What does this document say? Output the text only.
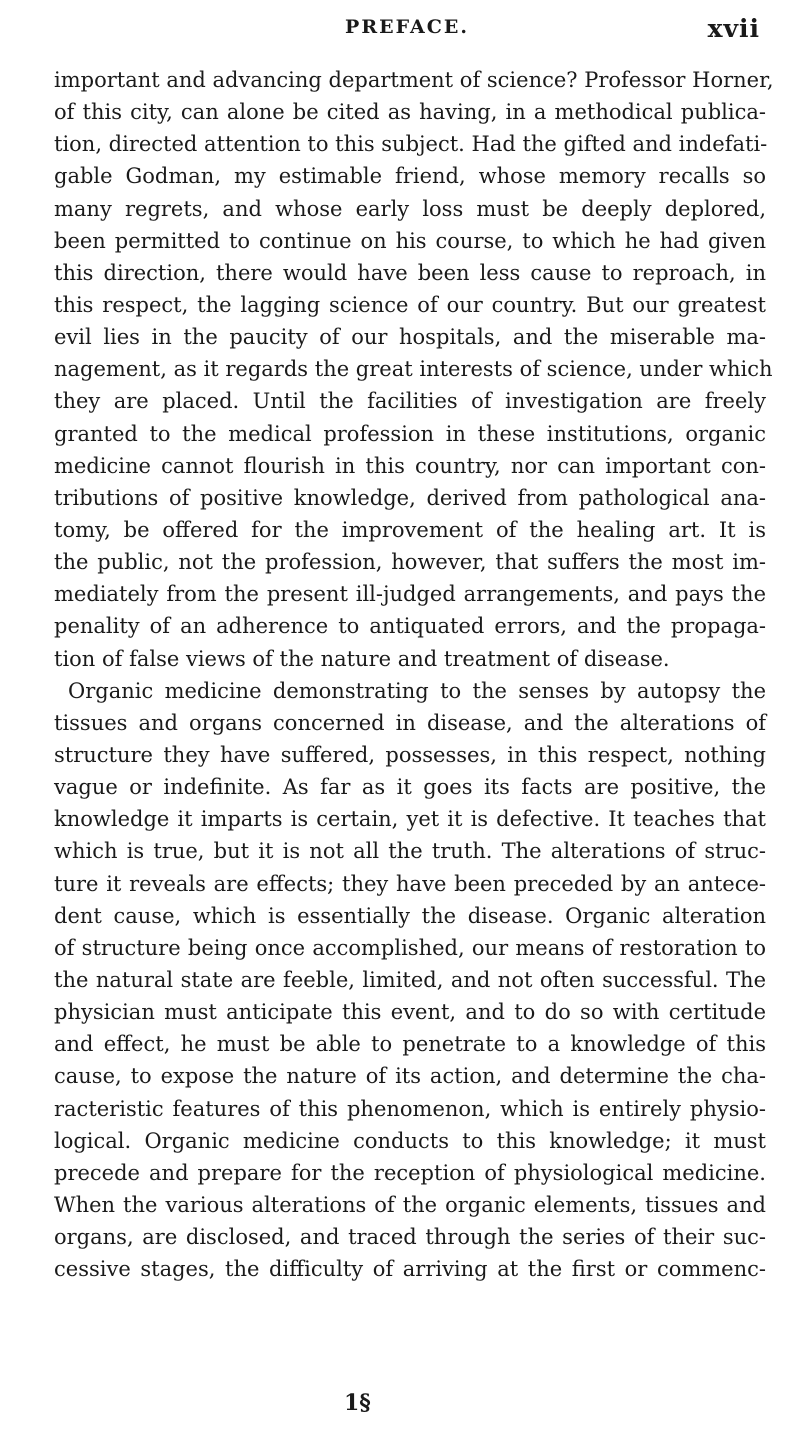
PREFACE.	xvii
important and advancing department of science? Professor Horner,
of this city, can alone be cited as having, in a methodical publica-
tion, directed attention to this subject. Had the gifted and indefati-
gable Godman, my estimable friend, whose memory recalls so
many regrets, and whose early loss must be deeply deplored,
been permitted to continue on his course, to which he had given
this direction, there would have been less cause to reproach, in
this respect, the lagging science of our country. But our greatest
evil lies in the paucity of our hospitals, and the miserable ma-
nagement, as it regards the great interests of science, under which
they are placed. Until the facilities of investigation are freely
granted to the medical profession in these institutions, organic
medicine cannot flourish in this country, nor can important con-
tributions of positive knowledge, derived from pathological ana-
tomy, be offered for the improvement of the healing art. It is
the public, not the profession, however, that suffers the most im-
mediately from the present ill-judged arrangements, and pays the
penality of an adherence to antiquated errors, and the propaga-
tion of false views of the nature and treatment of disease.
Organic medicine demonstrating to the senses by autopsy the
tissues and organs concerned in disease, and the alterations of
structure they have suffered, possesses, in this respect, nothing
vague or indefinite. As far as it goes its facts are positive, the
knowledge it imparts is certain, yet it is defective. It teaches that
which is true, but it is not all the truth. The alterations of struc-
ture it reveals are effects; they have been preceded by an antece-
dent cause, which is essentially the disease. Organic alteration
of structure being once accomplished, our means of restoration to
the natural state are feeble, limited, and not often successful. The
physician must anticipate this event, and to do so with certitude
and effect, he must be able to penetrate to a knowledge of this
cause, to expose the nature of its action, and determine the cha-
racteristic features of this phenomenon, which is entirely physio-
logical. Organic medicine conducts to this knowledge; it must
precede and prepare for the reception of physiological medicine.
When the various alterations of the organic elements, tissues and
organs, are disclosed, and traced through the series of their suc-
cessive stages, the difficulty of arriving at the first or commenc-
1§
